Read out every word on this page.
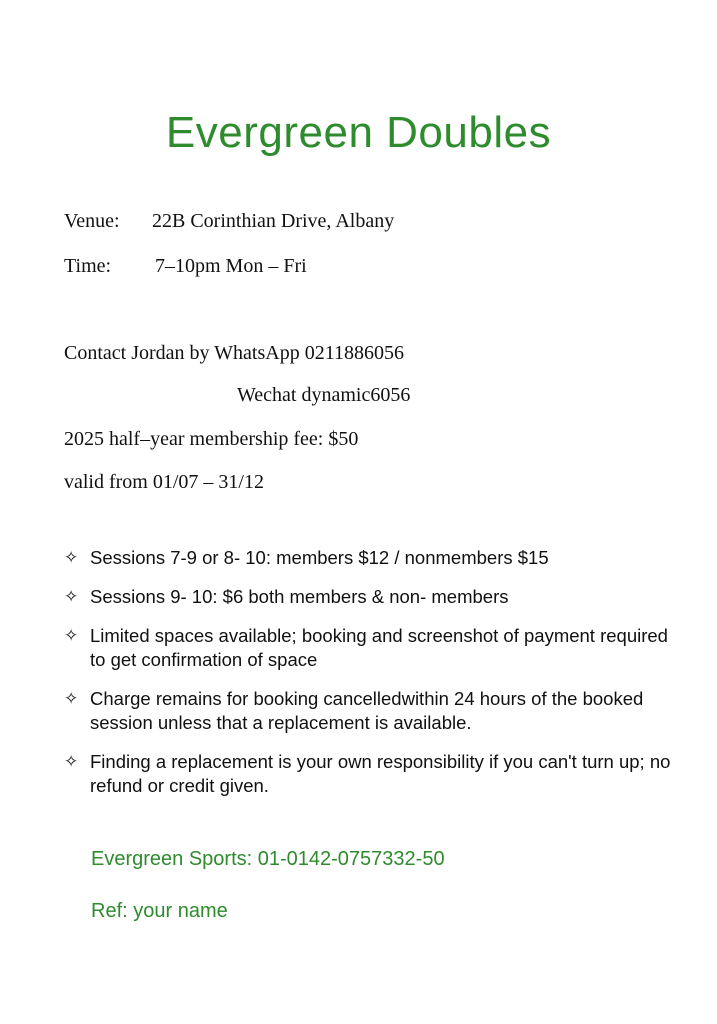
Evergreen Doubles
Venue: 22B Corinthian Drive, Albany
Time: 7–10pm Mon – Fri
Contact Jordan by WhatsApp 0211886056
Wechat dynamic6056
2025 half–year membership fee: $50
valid from 01/07 – 31/12
✧ Sessions 7-9 or 8- 10: members $12 / nonmembers $15
✧ Sessions 9- 10: $6 both members & non- members
✧ Limited spaces available; booking and screenshot of payment required to get confirmation of space
✧ Charge remains for booking cancelledwithin 24 hours of the booked session unless that a replacement is available.
✧ Finding a replacement is your own responsibility if you can't turn up; no refund or credit given.
Evergreen Sports: 01-0142-0757332-50
Ref: your name
